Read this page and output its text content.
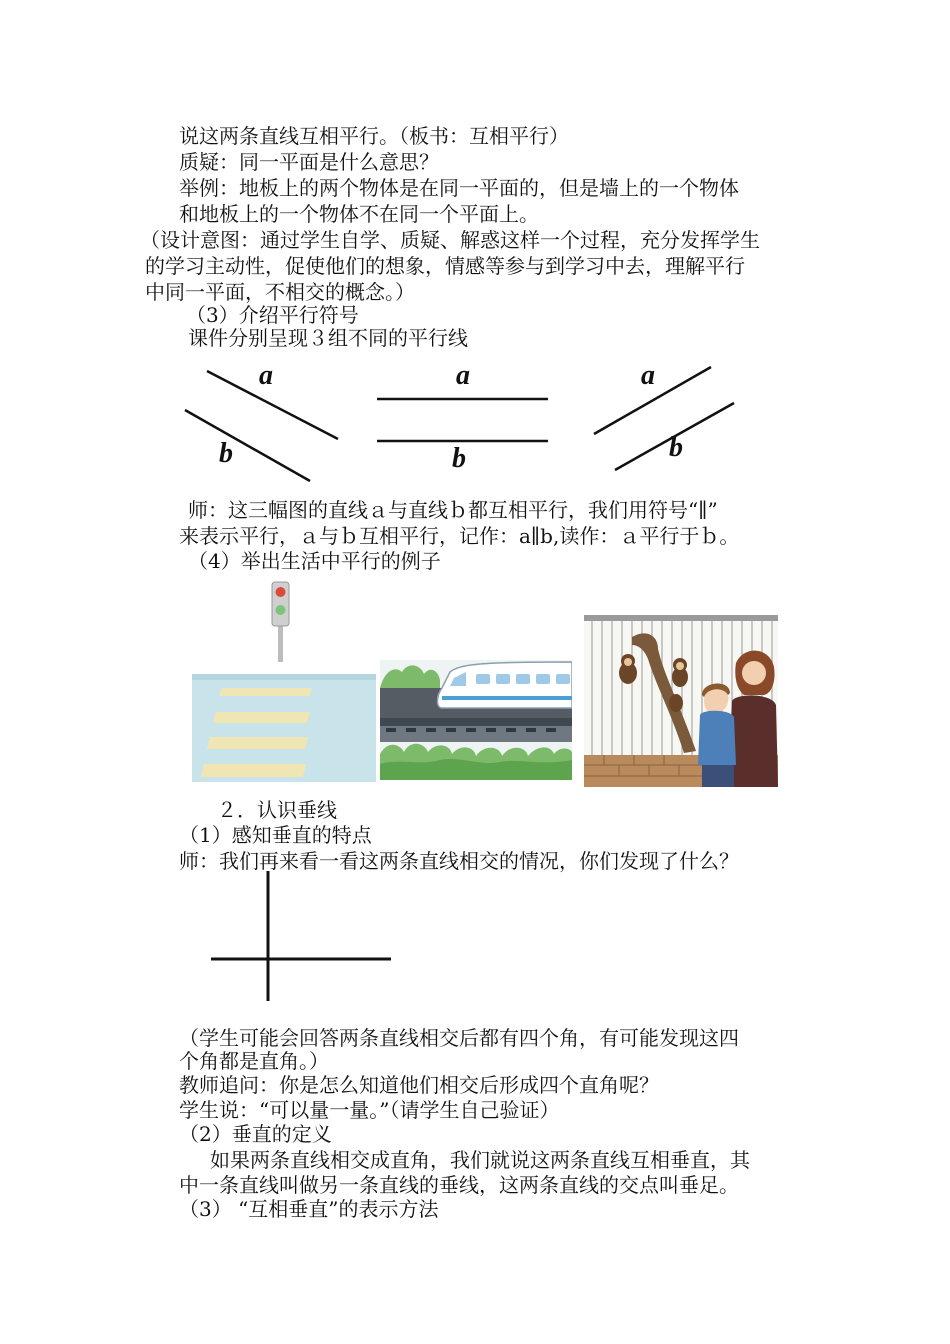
说这两条直线互相平行。（板书：互相平行）
质疑：同一平面是什么意思？
举例：地板上的两个物体是在同一平面的，但是墙上的一个物体
和地板上的一个物体不在同一个平面上。
（设计意图：通过学生自学、质疑、解惑这样一个过程，充分发挥学生
的学习主动性，促使他们的想象，情感等参与到学习中去，理解平行
中同一平面，不相交的概念。）
（3）介绍平行符号
课件分别呈现３组不同的平行线
a
b
a
b
a
b
师：这三幅图的直线ａ与直线ｂ都互相平行，我们用符号“∥”
来表示平行，ａ与ｂ互相平行，记作：a∥b,读作：ａ平行于ｂ。
（4）举出生活中平行的例子
２．认识垂线
（1）感知垂直的特点
师：我们再来看一看这两条直线相交的情况，你们发现了什么？
（学生可能会回答两条直线相交后都有四个角，有可能发现这四
个角都是直角。）
教师追问：你是怎么知道他们相交后形成四个直角呢？
学生说：“可以量一量。”（请学生自己验证）
（2）垂直的定义
如果两条直线相交成直角，我们就说这两条直线互相垂直，其
中一条直线叫做另一条直线的垂线，这两条直线的交点叫垂足。
（3） “互相垂直”的表示方法
